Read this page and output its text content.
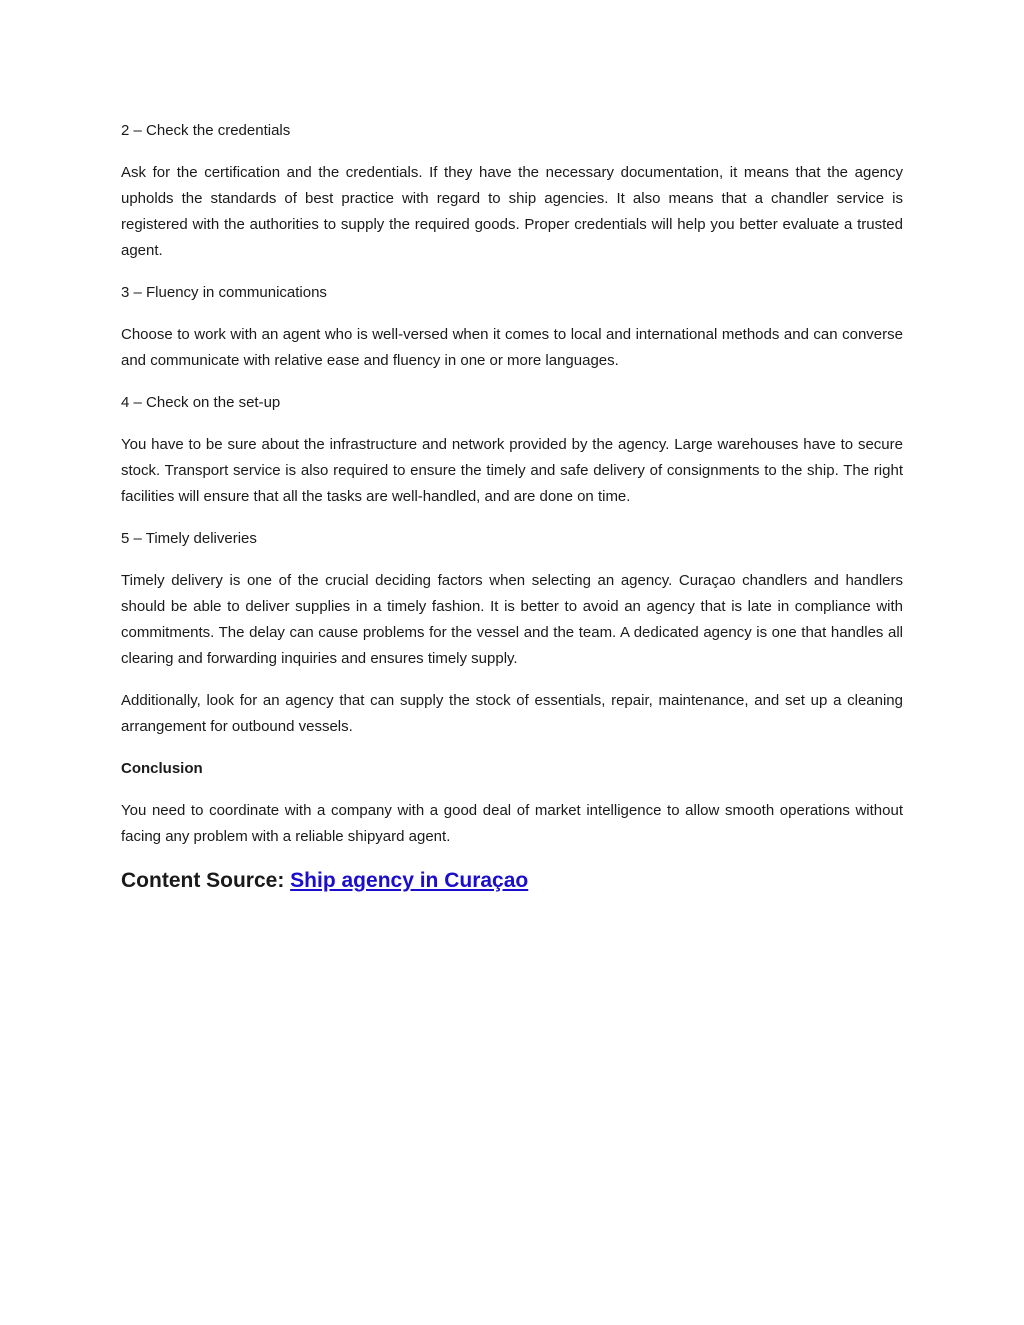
2 – Check the credentials

Ask for the certification and the credentials. If they have the necessary documentation, it means that the agency upholds the standards of best practice with regard to ship agencies. It also means that a chandler service is registered with the authorities to supply the required goods. Proper credentials will help you better evaluate a trusted agent.

3 – Fluency in communications

Choose to work with an agent who is well-versed when it comes to local and international methods and can converse and communicate with relative ease and fluency in one or more languages.

4 – Check on the set-up

You have to be sure about the infrastructure and network provided by the agency. Large warehouses have to secure stock. Transport service is also required to ensure the timely and safe delivery of consignments to the ship. The right facilities will ensure that all the tasks are well-handled, and are done on time.

5 – Timely deliveries

Timely delivery is one of the crucial deciding factors when selecting an agency. Curaçao chandlers and handlers should be able to deliver supplies in a timely fashion. It is better to avoid an agency that is late in compliance with commitments. The delay can cause problems for the vessel and the team. A dedicated agency is one that handles all clearing and forwarding inquiries and ensures timely supply.

Additionally, look for an agency that can supply the stock of essentials, repair, maintenance, and set up a cleaning arrangement for outbound vessels.

Conclusion

You need to coordinate with a company with a good deal of market intelligence to allow smooth operations without facing any problem with a reliable shipyard agent.

Content Source: Ship agency in Curaçao
